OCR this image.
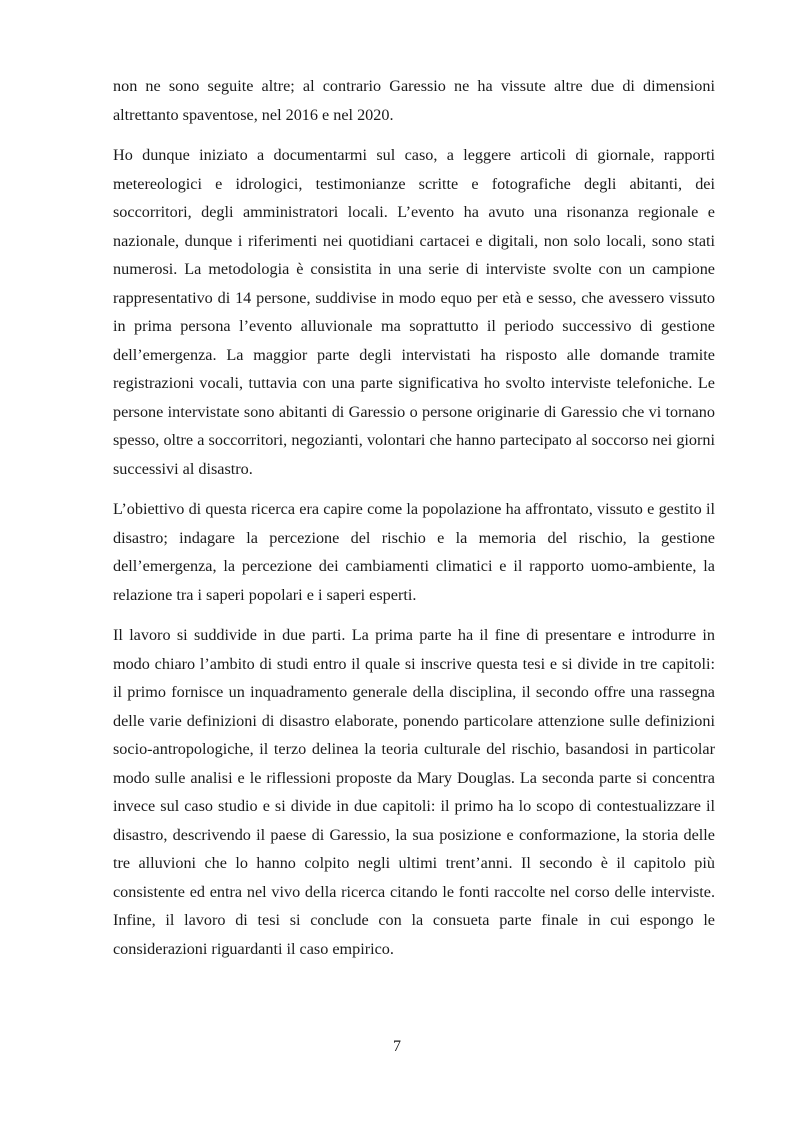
non ne sono seguite altre; al contrario Garessio ne ha vissute altre due di dimensioni altrettanto spaventose, nel 2016 e nel 2020.

Ho dunque iniziato a documentarmi sul caso, a leggere articoli di giornale, rapporti metereologici e idrologici, testimonianze scritte e fotografiche degli abitanti, dei soccorritori, degli amministratori locali. L’evento ha avuto una risonanza regionale e nazionale, dunque i riferimenti nei quotidiani cartacei e digitali, non solo locali, sono stati numerosi. La metodologia è consistita in una serie di interviste svolte con un campione rappresentativo di 14 persone, suddivise in modo equo per età e sesso, che avessero vissuto in prima persona l’evento alluvionale ma soprattutto il periodo successivo di gestione dell’emergenza. La maggior parte degli intervistati ha risposto alle domande tramite registrazioni vocali, tuttavia con una parte significativa ho svolto interviste telefoniche. Le persone intervistate sono abitanti di Garessio o persone originarie di Garessio che vi tornano spesso, oltre a soccorritori, negozianti, volontari che hanno partecipato al soccorso nei giorni successivi al disastro.

L’obiettivo di questa ricerca era capire come la popolazione ha affrontato, vissuto e gestito il disastro; indagare la percezione del rischio e la memoria del rischio, la gestione dell’emergenza, la percezione dei cambiamenti climatici e il rapporto uomo-ambiente, la relazione tra i saperi popolari e i saperi esperti.

Il lavoro si suddivide in due parti. La prima parte ha il fine di presentare e introdurre in modo chiaro l’ambito di studi entro il quale si inscrive questa tesi e si divide in tre capitoli: il primo fornisce un inquadramento generale della disciplina, il secondo offre una rassegna delle varie definizioni di disastro elaborate, ponendo particolare attenzione sulle definizioni socio-antropologiche, il terzo delinea la teoria culturale del rischio, basandosi in particolar modo sulle analisi e le riflessioni proposte da Mary Douglas. La seconda parte si concentra invece sul caso studio e si divide in due capitoli: il primo ha lo scopo di contestualizzare il disastro, descrivendo il paese di Garessio, la sua posizione e conformazione, la storia delle tre alluvioni che lo hanno colpito negli ultimi trent’anni. Il secondo è il capitolo più consistente ed entra nel vivo della ricerca citando le fonti raccolte nel corso delle interviste. Infine, il lavoro di tesi si conclude con la consueta parte finale in cui espongo le considerazioni riguardanti il caso empirico.

7
